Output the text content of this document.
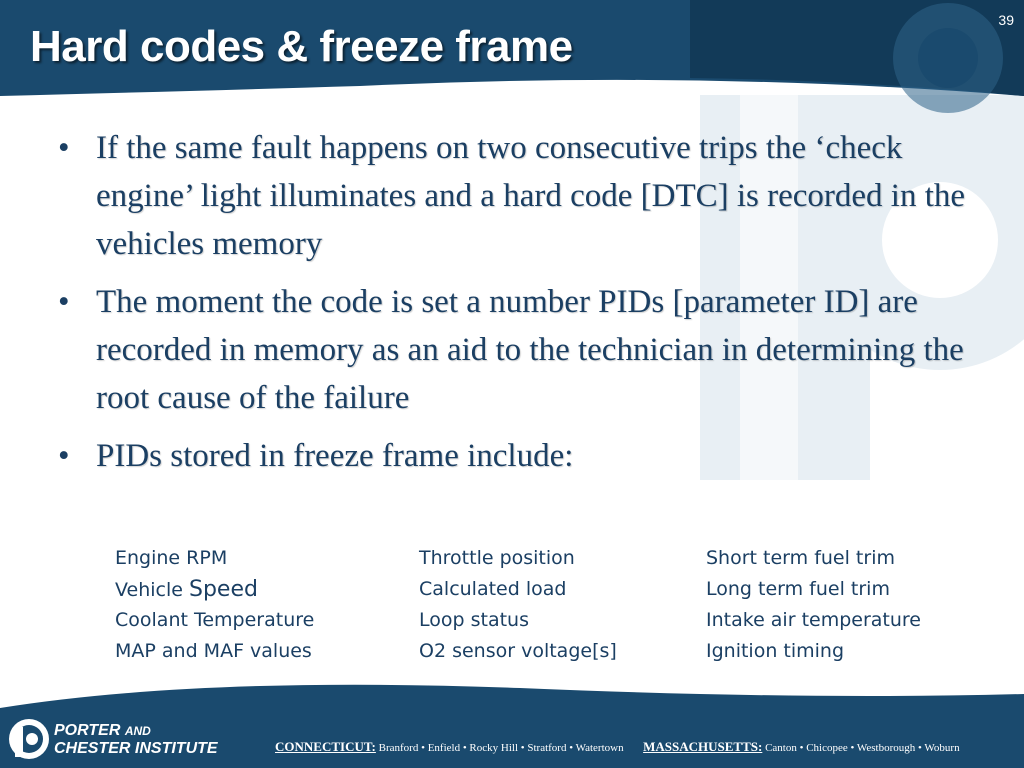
Hard codes & freeze frame
39
• If the same fault happens on two consecutive trips the ‘check engine’ light illuminates and a hard code [DTC] is recorded in the vehicles memory
• The moment the code is set a number PIDs [parameter ID] are recorded in memory as an aid to the technician in determining the root cause of the failure
• PIDs stored in freeze frame include:
Engine RPM
Vehicle Speed
Coolant Temperature
MAP and MAF values
Throttle position
Calculated load
Loop status
O2 sensor voltage[s]
Short term fuel trim
Long term fuel trim
Intake air temperature
Ignition timing
PORTER AND
CHESTER INSTITUTE	CONNECTICUT: Branford • Enfield • Rocky Hill • Stratford • Watertown MASSACHUSETTS: Canton • Chicopee • Westborough • Woburn
